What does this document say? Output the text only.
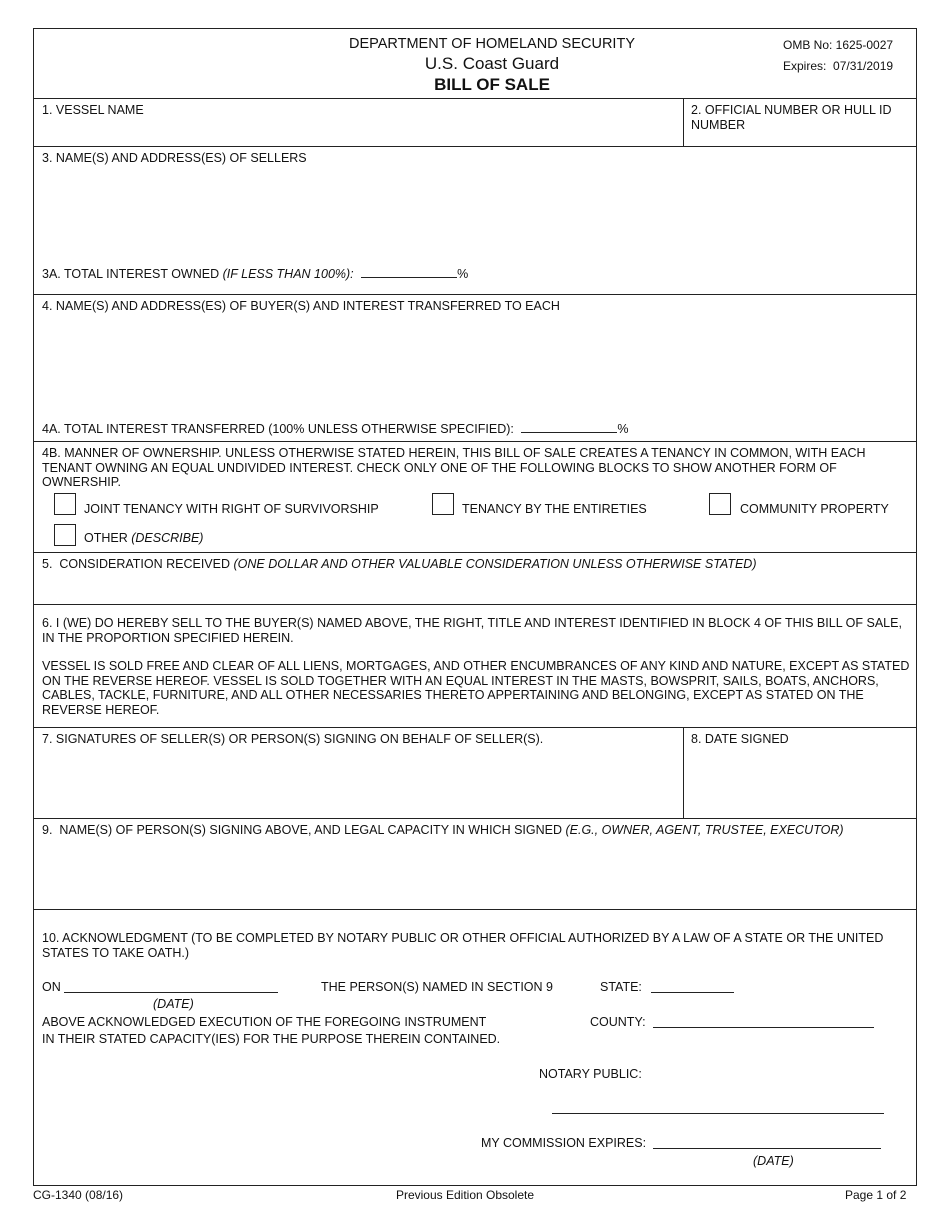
DEPARTMENT OF HOMELAND SECURITY
U.S. Coast Guard
BILL OF SALE
OMB No: 1625-0027
Expires:  07/31/2019
1. VESSEL NAME	2. OFFICIAL NUMBER OR HULL ID NUMBER
3. NAME(S) AND ADDRESS(ES) OF SELLERS
3A. TOTAL INTEREST OWNED (IF LESS THAN 100%):	%
4. NAME(S) AND ADDRESS(ES) OF BUYER(S) AND INTEREST TRANSFERRED TO EACH
4A. TOTAL INTEREST TRANSFERRED (100% UNLESS OTHERWISE SPECIFIED):	%
4B. MANNER OF OWNERSHIP. UNLESS OTHERWISE STATED HEREIN, THIS BILL OF SALE CREATES A TENANCY IN COMMON, WITH EACH TENANT OWNING AN EQUAL UNDIVIDED INTEREST. CHECK ONLY ONE OF THE FOLLOWING BLOCKS TO SHOW ANOTHER FORM OF OWNERSHIP.
JOINT TENANCY WITH RIGHT OF SURVIVORSHIP	TENANCY BY THE ENTIRETIES	COMMUNITY PROPERTY
OTHER (DESCRIBE)
5.  CONSIDERATION RECEIVED (ONE DOLLAR AND OTHER VALUABLE CONSIDERATION UNLESS OTHERWISE STATED)
6. I (WE) DO HEREBY SELL TO THE BUYER(S) NAMED ABOVE, THE RIGHT, TITLE AND INTEREST IDENTIFIED IN BLOCK 4 OF THIS BILL OF SALE, IN THE PROPORTION SPECIFIED HEREIN.
VESSEL IS SOLD FREE AND CLEAR OF ALL LIENS, MORTGAGES, AND OTHER ENCUMBRANCES OF ANY KIND AND NATURE, EXCEPT AS STATED ON THE REVERSE HEREOF. VESSEL IS SOLD TOGETHER WITH AN EQUAL INTEREST IN THE MASTS, BOWSPRIT, SAILS, BOATS, ANCHORS, CABLES, TACKLE, FURNITURE, AND ALL OTHER NECESSARIES THERETO APPERTAINING AND BELONGING, EXCEPT AS STATED ON THE REVERSE HEREOF.
7. SIGNATURES OF SELLER(S) OR PERSON(S) SIGNING ON BEHALF OF SELLER(S).	8. DATE SIGNED
9.  NAME(S) OF PERSON(S) SIGNING ABOVE, AND LEGAL CAPACITY IN WHICH SIGNED (E.G., OWNER, AGENT, TRUSTEE, EXECUTOR)
10. ACKNOWLEDGMENT (TO BE COMPLETED BY NOTARY PUBLIC OR OTHER OFFICIAL AUTHORIZED BY A LAW OF A STATE OR THE UNITED STATES TO TAKE OATH.)
ON
(DATE)
THE PERSON(S) NAMED IN SECTION 9	STATE:
ABOVE ACKNOWLEDGED EXECUTION OF THE FOREGOING INSTRUMENT
IN THEIR STATED CAPACITY(IES) FOR THE PURPOSE THEREIN CONTAINED.
COUNTY:
NOTARY PUBLIC:
MY COMMISSION EXPIRES:
(DATE)
CG-1340 (08/16)	Previous Edition Obsolete	Page 1 of 2
